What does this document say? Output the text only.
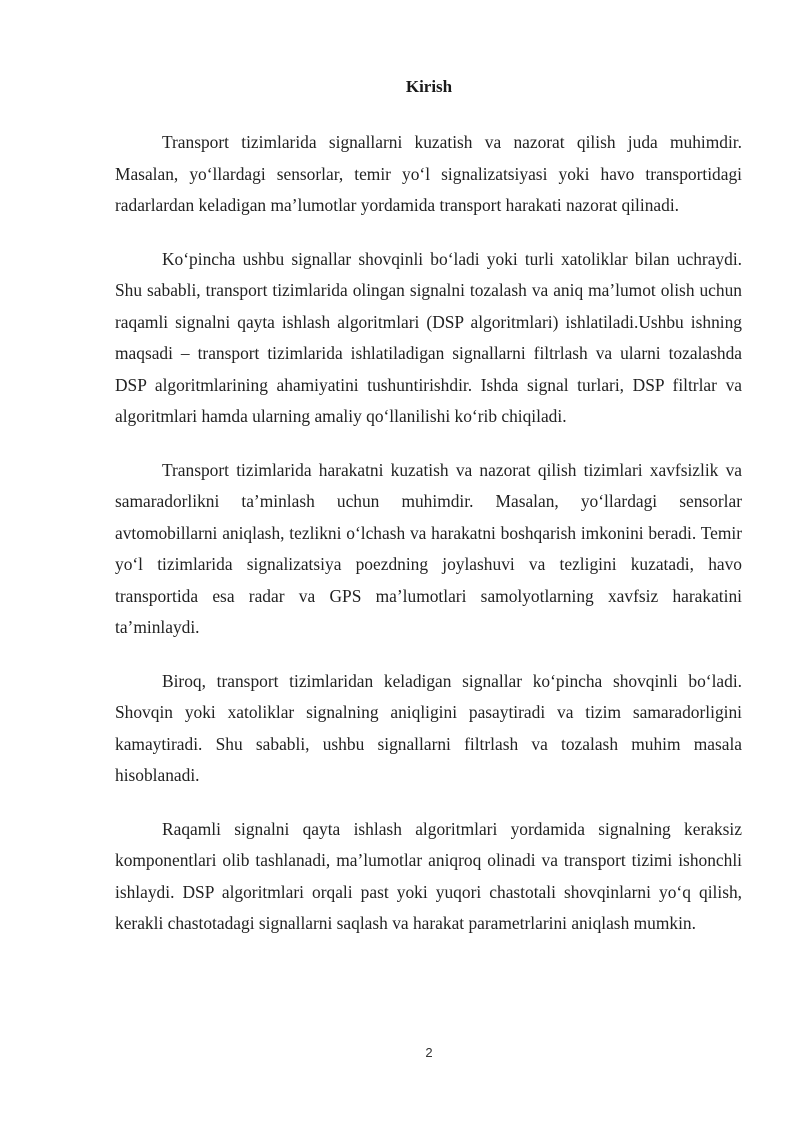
Kirish

Transport tizimlarida signallarni kuzatish va nazorat qilish juda muhimdir. Masalan, yo‘llardagi sensorlar, temir yo‘l signalizatsiyasi yoki havo transportidagi radarlardan keladigan ma’lumotlar yordamida transport harakati nazorat qilinadi.

Ko‘pincha ushbu signallar shovqinli bo‘ladi yoki turli xatoliklar bilan uchraydi. Shu sababli, transport tizimlarida olingan signalni tozalash va aniq ma’lumot olish uchun raqamli signalni qayta ishlash algoritmlari (DSP algoritmlari) ishlatiladi.Ushbu ishning maqsadi – transport tizimlarida ishlatiladigan signallarni filtrlash va ularni tozalashda DSP algoritmlarining ahamiyatini tushuntirishdir. Ishda signal turlari, DSP filtrlar va algoritmlari hamda ularning amaliy qo‘llanilishi ko‘rib chiqiladi.

Transport tizimlarida harakatni kuzatish va nazorat qilish tizimlari xavfsizlik va samaradorlikni ta’minlash uchun muhimdir. Masalan, yo‘llardagi sensorlar avtomobillarni aniqlash, tezlikni o‘lchash va harakatni boshqarish imkonini beradi. Temir yo‘l tizimlarida signalizatsiya poezdning joylashuvi va tezligini kuzatadi, havo transportida esa radar va GPS ma’lumotlari samolyotlarning xavfsiz harakatini ta’minlaydi.

Biroq, transport tizimlaridan keladigan signallar ko‘pincha shovqinli bo‘ladi. Shovqin yoki xatoliklar signalning aniqligini pasaytiradi va tizim samaradorligini kamaytiradi. Shu sababli, ushbu signallarni filtrlash va tozalash muhim masala hisoblanadi.

Raqamli signalni qayta ishlash algoritmlari yordamida signalning keraksiz komponentlari olib tashlanadi, ma’lumotlar aniqroq olinadi va transport tizimi ishonchli ishlaydi. DSP algoritmlari orqali past yoki yuqori chastotali shovqinlarni yo‘q qilish, kerakli chastotadagi signallarni saqlash va harakat parametrlarini aniqlash mumkin.

2
